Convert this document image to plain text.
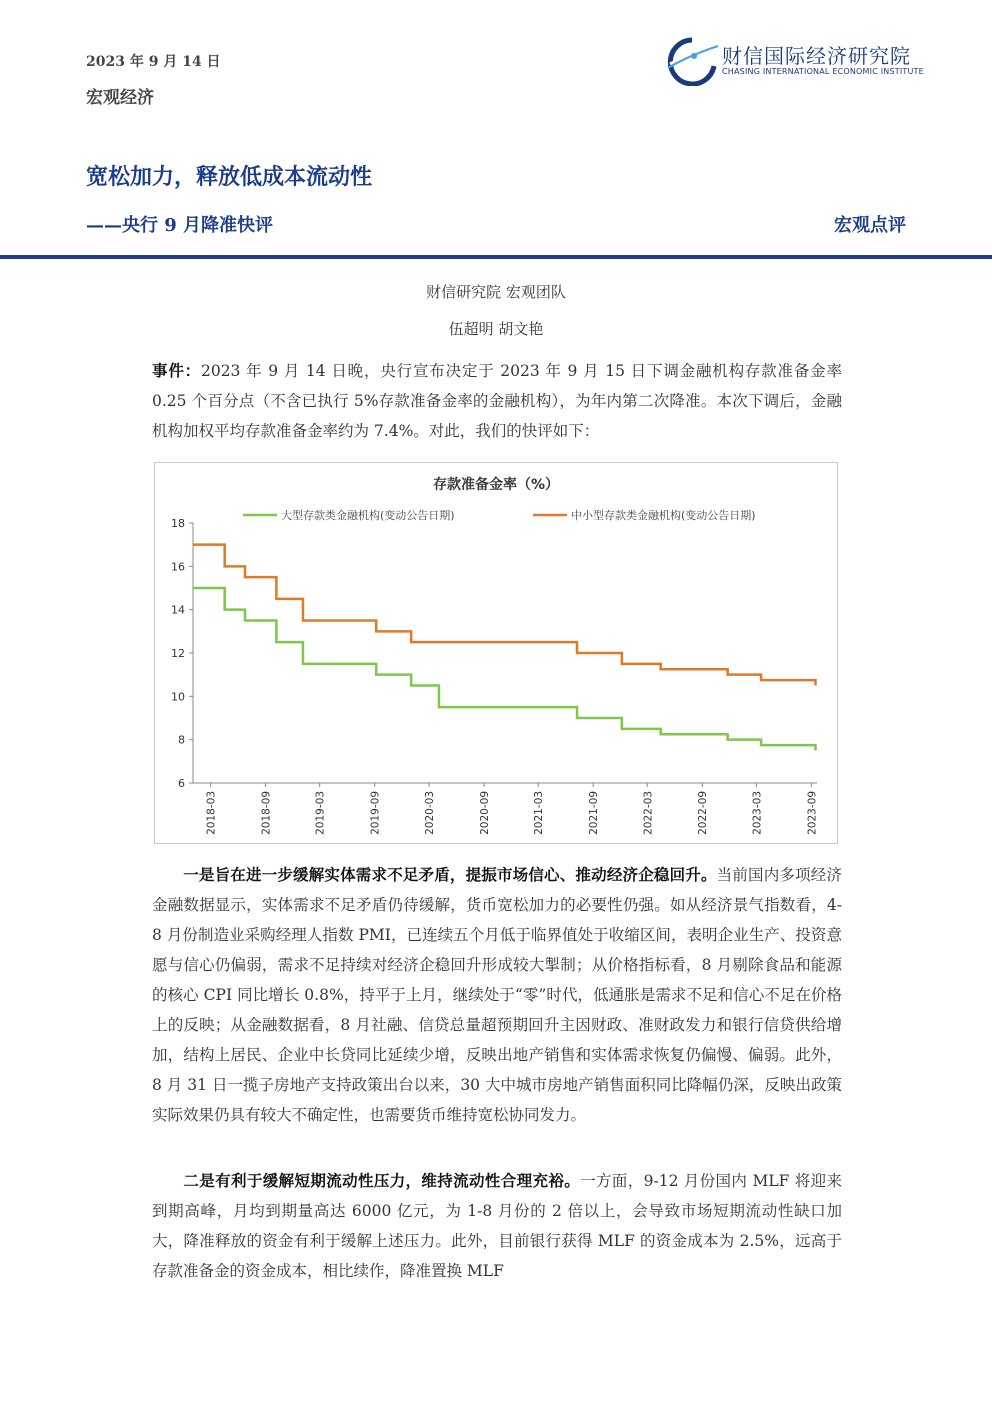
2023 年 9 月 14 日
宏观经济
财信国际经济研究院
CHASING INTERNATIONAL ECONOMIC INSTITUTE
宽松加力，释放低成本流动性
——央行 9 月降准快评	宏观点评
财信研究院 宏观团队
伍超明 胡文艳
事件：2023 年 9 月 14 日晚，央行宣布决定于 2023 年 9 月 15 日下调金融机构存款准备金率 0.25 个百分点（不含已执行 5%存款准备金率的金融机构），为年内第二次降准。本次下调后，金融机构加权平均存款准备金率约为 7.4%。对此，我们的快评如下：
存款准备金率（%）
大型存款类金融机构(变动公告日期)	中小型存款类金融机构(变动公告日期)
6
8
10
12
14
16
18
2018-03	2018-09	2019-03	2019-09	2020-03	2020-09	2021-03	2021-09	2022-03	2022-09	2023-03	2023-09
一是旨在进一步缓解实体需求不足矛盾，提振市场信心、推动经济企稳回升。当前国内多项经济金融数据显示，实体需求不足矛盾仍待缓解，货币宽松加力的必要性仍强。如从经济景气指数看，4-8 月份制造业采购经理人指数 PMI，已连续五个月低于临界值处于收缩区间，表明企业生产、投资意愿与信心仍偏弱，需求不足持续对经济企稳回升形成较大掣制；从价格指标看，8 月剔除食品和能源的核心 CPI 同比增长 0.8%，持平于上月，继续处于“零”时代，低通胀是需求不足和信心不足在价格上的反映；从金融数据看，8 月社融、信贷总量超预期回升主因财政、准财政发力和银行信贷供给增加，结构上居民、企业中长贷同比延续少增，反映出地产销售和实体需求恢复仍偏慢、偏弱。此外，8 月 31 日一揽子房地产支持政策出台以来，30 大中城市房地产销售面积同比降幅仍深，反映出政策实际效果仍具有较大不确定性，也需要货币维持宽松协同发力。
二是有利于缓解短期流动性压力，维持流动性合理充裕。一方面，9-12 月份国内 MLF 将迎来到期高峰，月均到期量高达 6000 亿元，为 1-8 月份的 2 倍以上，会导致市场短期流动性缺口加大，降准释放的资金有利于缓解上述压力。此外，目前银行获得 MLF 的资金成本为 2.5%，远高于存款准备金的资金成本，相比续作，降准置换 MLF
